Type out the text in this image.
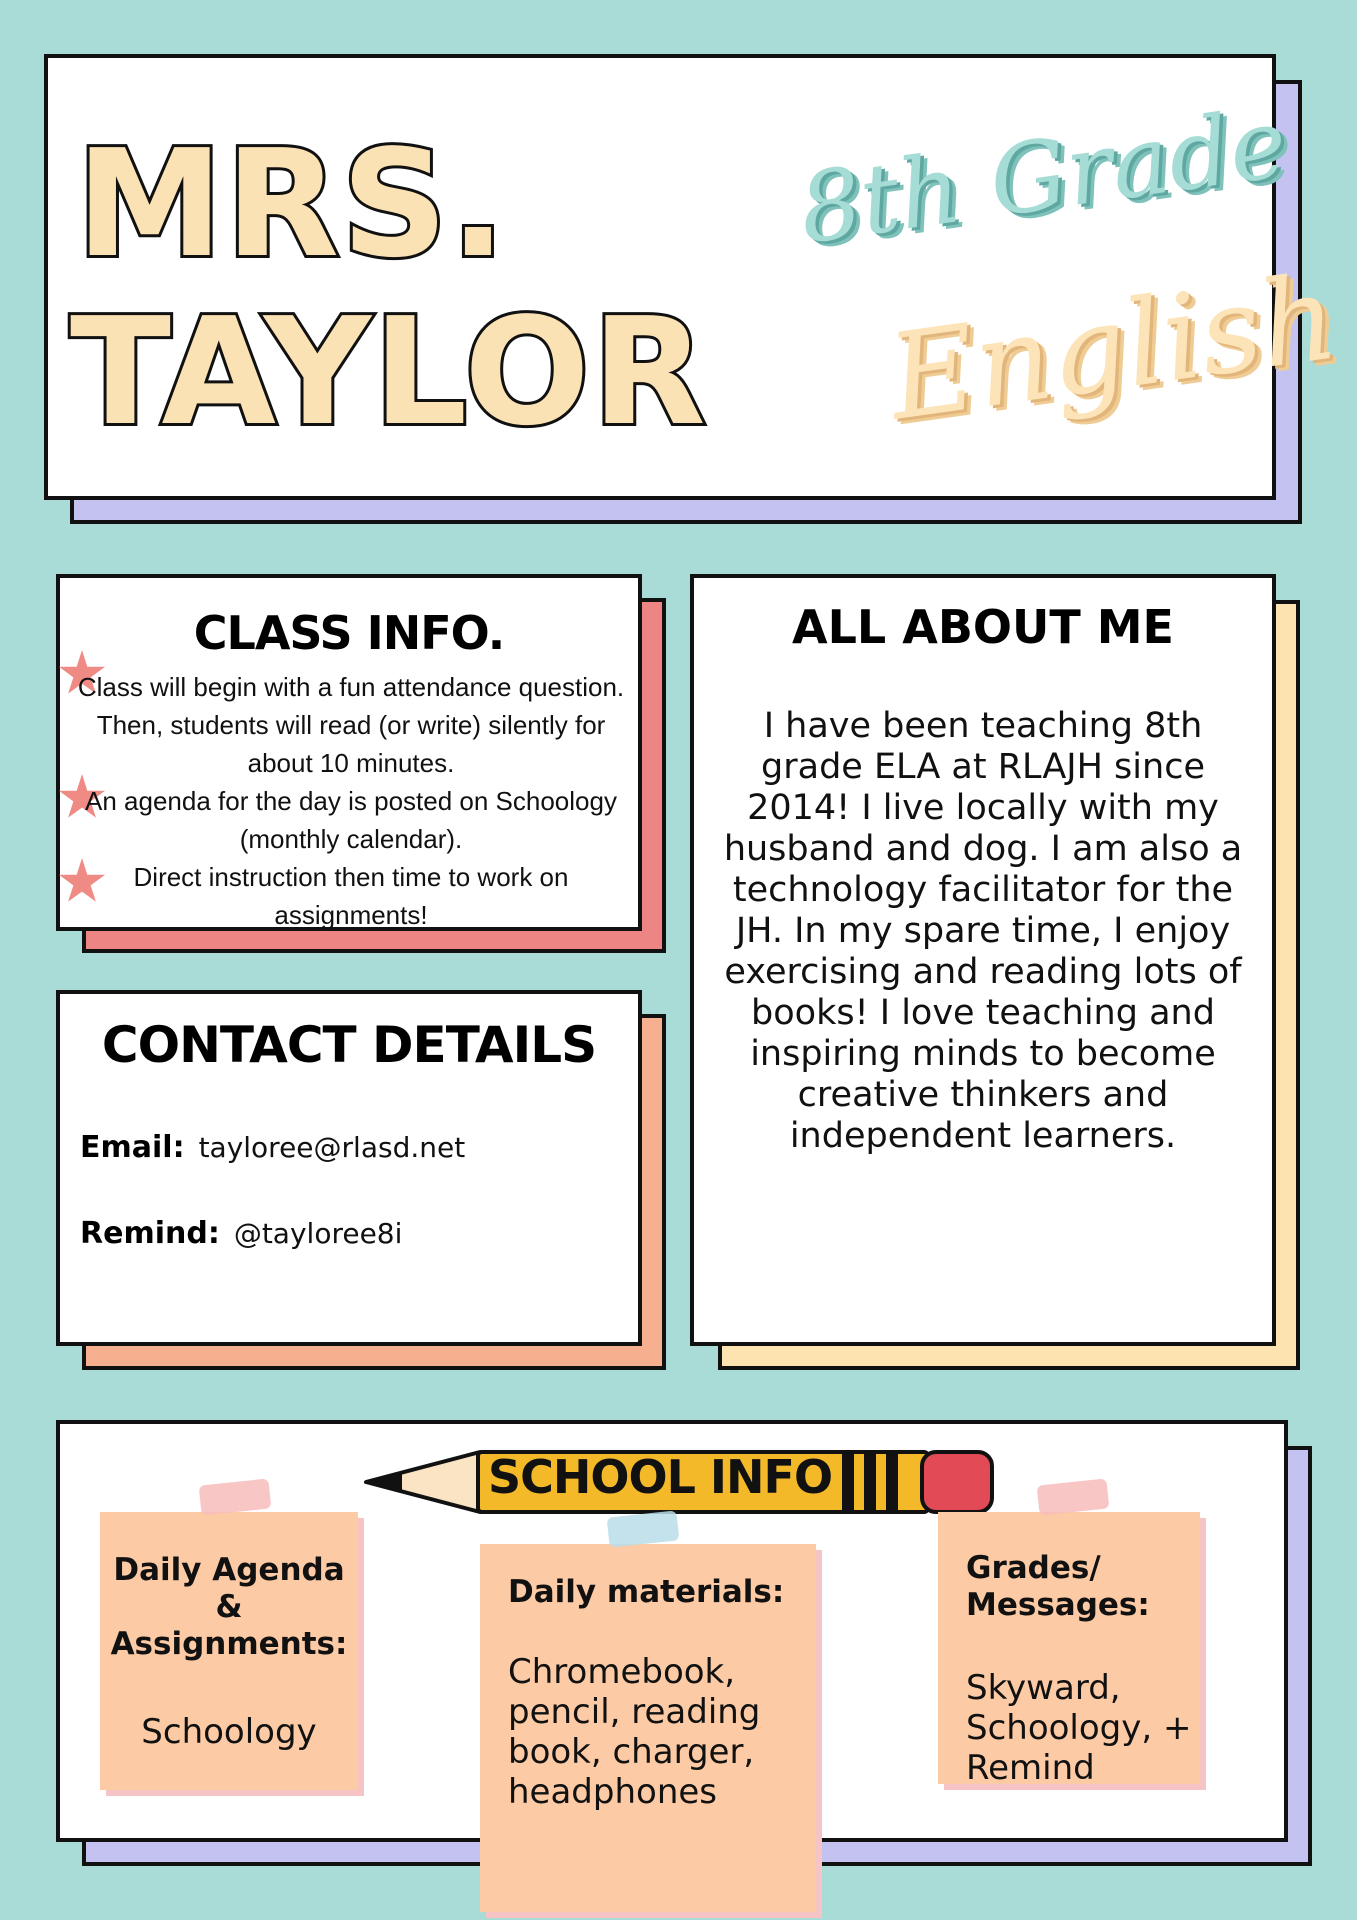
MRS.
TAYLOR
8th Grade
English
CLASS INFO.
Class will begin with a fun attendance question. Then, students will read (or write) silently for about 10 minutes.
An agenda for the day is posted on Schoology (monthly calendar).
Direct instruction then time to work on assignments!
CONTACT DETAILS
Email: tayloree@rlasd.net
Remind: @tayloree8i
ALL ABOUT ME
I have been teaching 8th grade ELA at RLAJH since 2014! I live locally with my husband and dog. I am also a technology facilitator for the JH. In my spare time, I enjoy exercising and reading lots of books! I love teaching and inspiring minds to become creative thinkers and independent learners.
SCHOOL INFO
Daily Agenda & Assignments:
Schoology
Daily materials:
Chromebook, pencil, reading book, charger, headphones
Grades/ Messages:
Skyward, Schoology, + Remind
